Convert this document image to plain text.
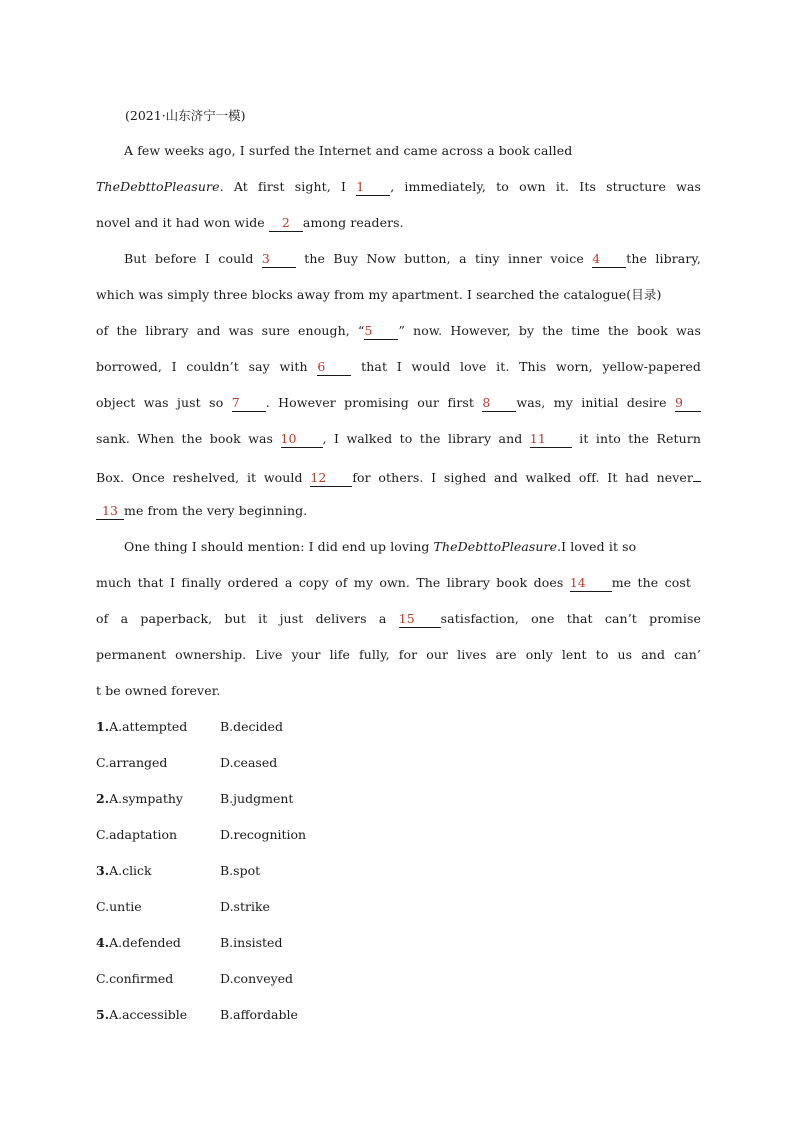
(2021·山东济宁一模)
A few weeks ago, I surfed the Internet and came across a book called
TheDebttoPleasure. At first sight, I 1 , immediately, to own it. Its structure was
novel and it had won wide 2 among readers.
But before I could 3 the Buy Now button, a tiny inner voice 4 the library,
which was simply three blocks away from my apartment. I searched the catalogue(目录)
of the library and was sure enough, “5 ” now. However, by the time the book was
borrowed, I couldn’t say with 6 that I would love it. This worn, yellow-papered
object was just so 7 . However promising our first 8 was, my initial desire 9
sank. When the book was 10 , I walked to the library and 11 it into the Return
Box. Once reshelved, it would 12 for others. I sighed and walked off. It had never
13 me from the very beginning.
One thing I should mention: I did end up loving TheDebttoPleasure.I loved it so
much that I finally ordered a copy of my own. The library book does 14 me the cost
of a paperback, but it just delivers a 15 satisfaction, one that can’t promise
permanent ownership. Live your life fully, for our lives are only lent to us and can’
t be owned forever.
1.A.attempted	B.decided
C.arranged	D.ceased
2.A.sympathy	B.judgment
C.adaptation	D.recognition
3.A.click	B.spot
C.untie	D.strike
4.A.defended	B.insisted
C.confirmed	D.conveyed
5.A.accessible	B.affordable
